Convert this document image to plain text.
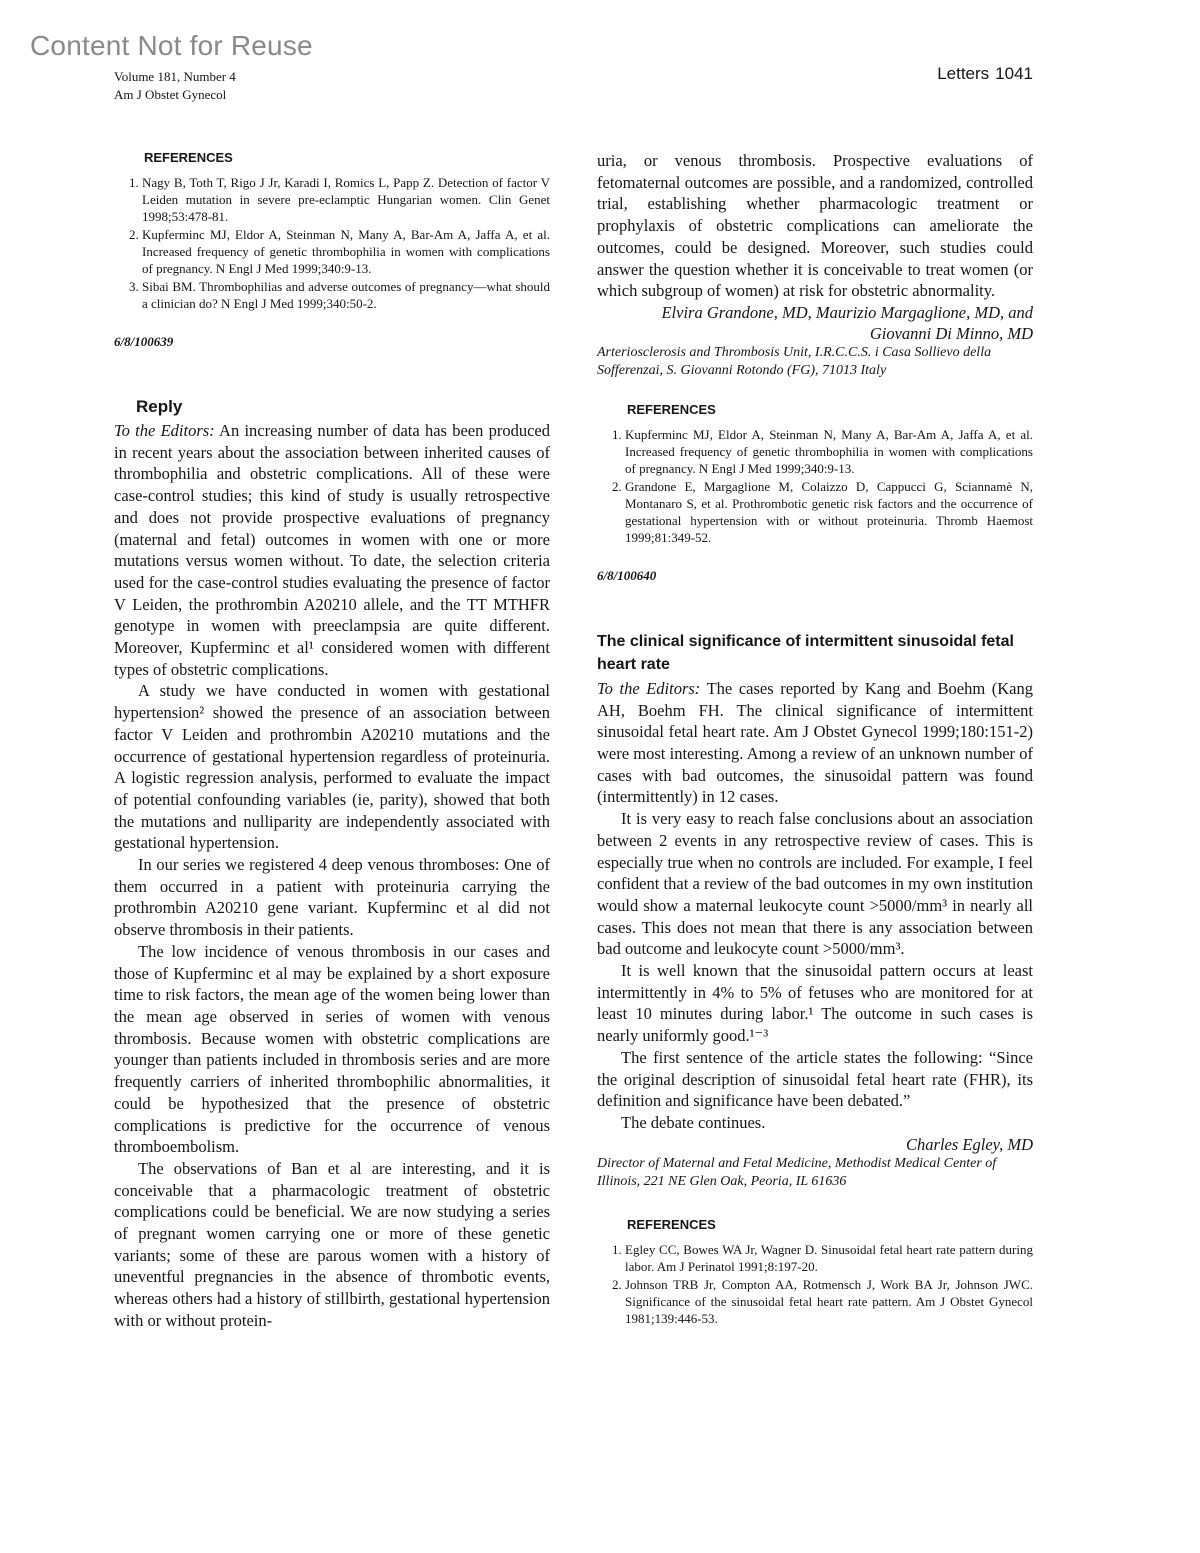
Content Not for Reuse
Volume 181, Number 4
Am J Obstet Gynecol
Letters 1041
REFERENCES
1. Nagy B, Toth T, Rigo J Jr, Karadi I, Romics L, Papp Z. Detection of factor V Leiden mutation in severe pre-eclamptic Hungarian women. Clin Genet 1998;53:478-81.
2. Kupferminc MJ, Eldor A, Steinman N, Many A, Bar-Am A, Jaffa A, et al. Increased frequency of genetic thrombophilia in women with complications of pregnancy. N Engl J Med 1999;340:9-13.
3. Sibai BM. Thrombophilias and adverse outcomes of pregnancy—what should a clinician do? N Engl J Med 1999;340:50-2.
6/8/100639
Reply

To the Editors: An increasing number of data has been produced in recent years about the association between inherited causes of thrombophilia and obstetric complications. All of these were case-control studies; this kind of study is usually retrospective and does not provide prospective evaluations of pregnancy (maternal and fetal) outcomes in women with one or more mutations versus women without. To date, the selection criteria used for the case-control studies evaluating the presence of factor V Leiden, the prothrombin A20210 allele, and the TT MTHFR genotype in women with preeclampsia are quite different. Moreover, Kupferminc et al¹ considered women with different types of obstetric complications.

A study we have conducted in women with gestational hypertension² showed the presence of an association between factor V Leiden and prothrombin A20210 mutations and the occurrence of gestational hypertension regardless of proteinuria. A logistic regression analysis, performed to evaluate the impact of potential confounding variables (ie, parity), showed that both the mutations and nulliparity are independently associated with gestational hypertension.

In our series we registered 4 deep venous thromboses: One of them occurred in a patient with proteinuria carrying the prothrombin A20210 gene variant. Kupferminc et al did not observe thrombosis in their patients.

The low incidence of venous thrombosis in our cases and those of Kupferminc et al may be explained by a short exposure time to risk factors, the mean age of the women being lower than the mean age observed in series of women with venous thrombosis. Because women with obstetric complications are younger than patients included in thrombosis series and are more frequently carriers of inherited thrombophilic abnormalities, it could be hypothesized that the presence of obstetric complications is predictive for the occurrence of venous thromboembolism.

The observations of Ban et al are interesting, and it is conceivable that a pharmacologic treatment of obstetric complications could be beneficial. We are now studying a series of pregnant women carrying one or more of these genetic variants; some of these are parous women with a history of uneventful pregnancies in the absence of thrombotic events, whereas others had a history of stillbirth, gestational hypertension with or without protein-

uria, or venous thrombosis. Prospective evaluations of fetomaternal outcomes are possible, and a randomized, controlled trial, establishing whether pharmacologic treatment or prophylaxis of obstetric complications can ameliorate the outcomes, could be designed. Moreover, such studies could answer the question whether it is conceivable to treat women (or which subgroup of women) at risk for obstetric abnormality.

Elvira Grandone, MD, Maurizio Margaglione, MD, and
Giovanni Di Minno, MD
Arteriosclerosis and Thrombosis Unit, I.R.C.C.S. i Casa Sollievo della Sofferenzai, S. Giovanni Rotondo (FG), 71013 Italy
REFERENCES
1. Kupferminc MJ, Eldor A, Steinman N, Many A, Bar-Am A, Jaffa A, et al. Increased frequency of genetic thrombophilia in women with complications of pregnancy. N Engl J Med 1999;340:9-13.
2. Grandone E, Margaglione M, Colaizzo D, Cappucci G, Sciannamè N, Montanaro S, et al. Prothrombotic genetic risk factors and the occurrence of gestational hypertension with or without proteinuria. Thromb Haemost 1999;81:349-52.
6/8/100640
The clinical significance of intermittent sinusoidal fetal heart rate

To the Editors: The cases reported by Kang and Boehm (Kang AH, Boehm FH. The clinical significance of intermittent sinusoidal fetal heart rate. Am J Obstet Gynecol 1999;180:151-2) were most interesting. Among a review of an unknown number of cases with bad outcomes, the sinusoidal pattern was found (intermittently) in 12 cases.

It is very easy to reach false conclusions about an association between 2 events in any retrospective review of cases. This is especially true when no controls are included. For example, I feel confident that a review of the bad outcomes in my own institution would show a maternal leukocyte count >5000/mm³ in nearly all cases. This does not mean that there is any association between bad outcome and leukocyte count >5000/mm³.

It is well known that the sinusoidal pattern occurs at least intermittently in 4% to 5% of fetuses who are monitored for at least 10 minutes during labor.¹ The outcome in such cases is nearly uniformly good.¹⁻³

The first sentence of the article states the following: “Since the original description of sinusoidal fetal heart rate (FHR), its definition and significance have been debated.”

The debate continues.

Charles Egley, MD
Director of Maternal and Fetal Medicine, Methodist Medical Center of Illinois, 221 NE Glen Oak, Peoria, IL 61636
REFERENCES
1. Egley CC, Bowes WA Jr, Wagner D. Sinusoidal fetal heart rate pattern during labor. Am J Perinatol 1991;8:197-20.
2. Johnson TRB Jr, Compton AA, Rotmensch J, Work BA Jr, Johnson JWC. Significance of the sinusoidal fetal heart rate pattern. Am J Obstet Gynecol 1981;139:446-53.
